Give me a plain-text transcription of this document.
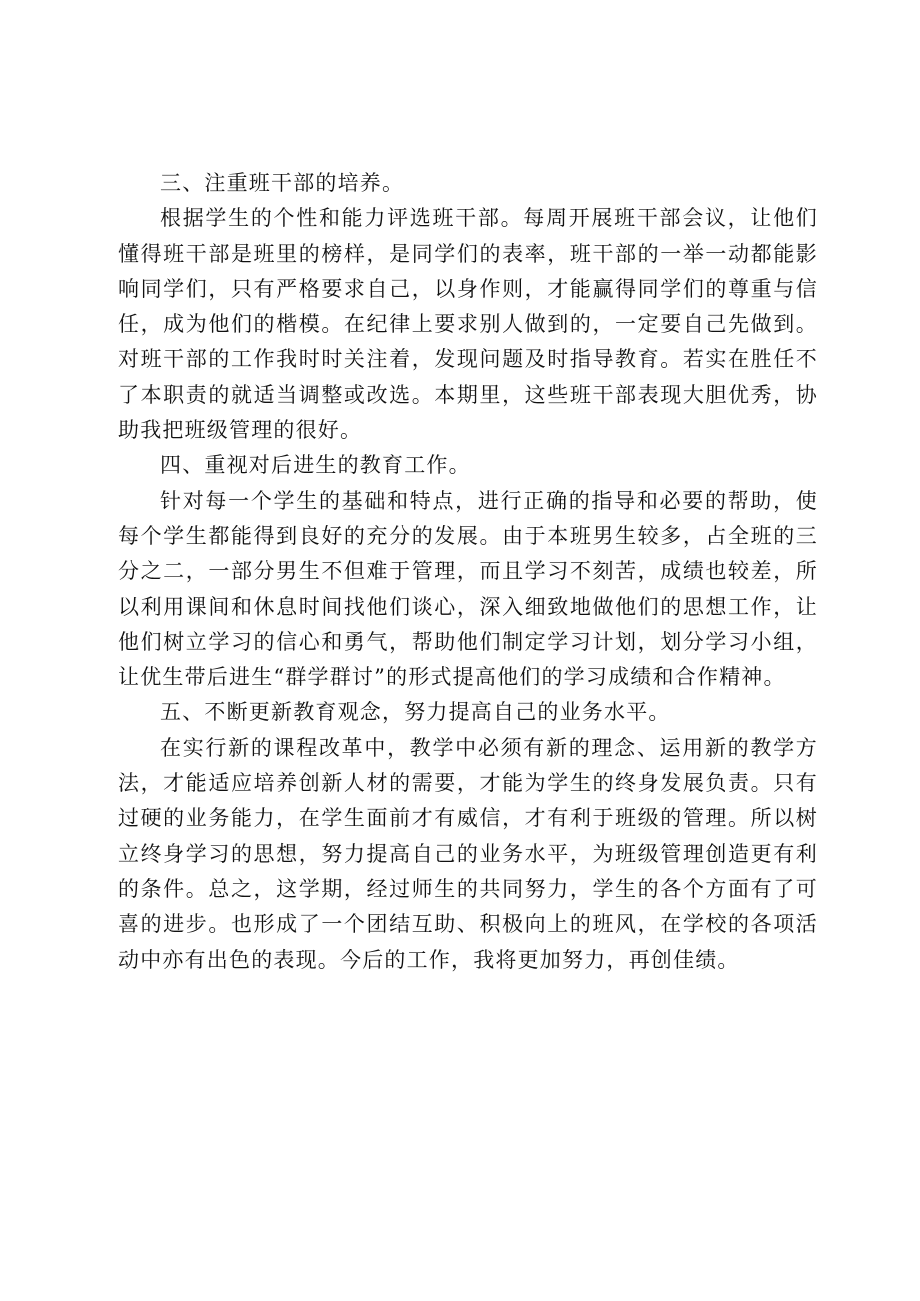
三、注重班干部的培养。

根据学生的个性和能力评选班干部。每周开展班干部会议，让他们懂得班干部是班里的榜样，是同学们的表率，班干部的一举一动都能影响同学们，只有严格要求自己，以身作则，才能赢得同学们的尊重与信任，成为他们的楷模。在纪律上要求别人做到的，一定要自己先做到。对班干部的工作我时时关注着，发现问题及时指导教育。若实在胜任不了本职责的就适当调整或改选。本期里，这些班干部表现大胆优秀，协助我把班级管理的很好。

四、重视对后进生的教育工作。

针对每一个学生的基础和特点，进行正确的指导和必要的帮助，使每个学生都能得到良好的充分的发展。由于本班男生较多，占全班的三分之二，一部分男生不但难于管理，而且学习不刻苦，成绩也较差，所以利用课间和休息时间找他们谈心，深入细致地做他们的思想工作，让他们树立学习的信心和勇气，帮助他们制定学习计划，划分学习小组，让优生带后进生“群学群讨”的形式提高他们的学习成绩和合作精神。

五、不断更新教育观念，努力提高自己的业务水平。

在实行新的课程改革中，教学中必须有新的理念、运用新的教学方法，才能适应培养创新人材的需要，才能为学生的终身发展负责。只有过硬的业务能力，在学生面前才有威信，才有利于班级的管理。所以树立终身学习的思想，努力提高自己的业务水平，为班级管理创造更有利的条件。总之，这学期，经过师生的共同努力，学生的各个方面有了可喜的进步。也形成了一个团结互助、积极向上的班风，在学校的各项活动中亦有出色的表现。今后的工作，我将更加努力，再创佳绩。
